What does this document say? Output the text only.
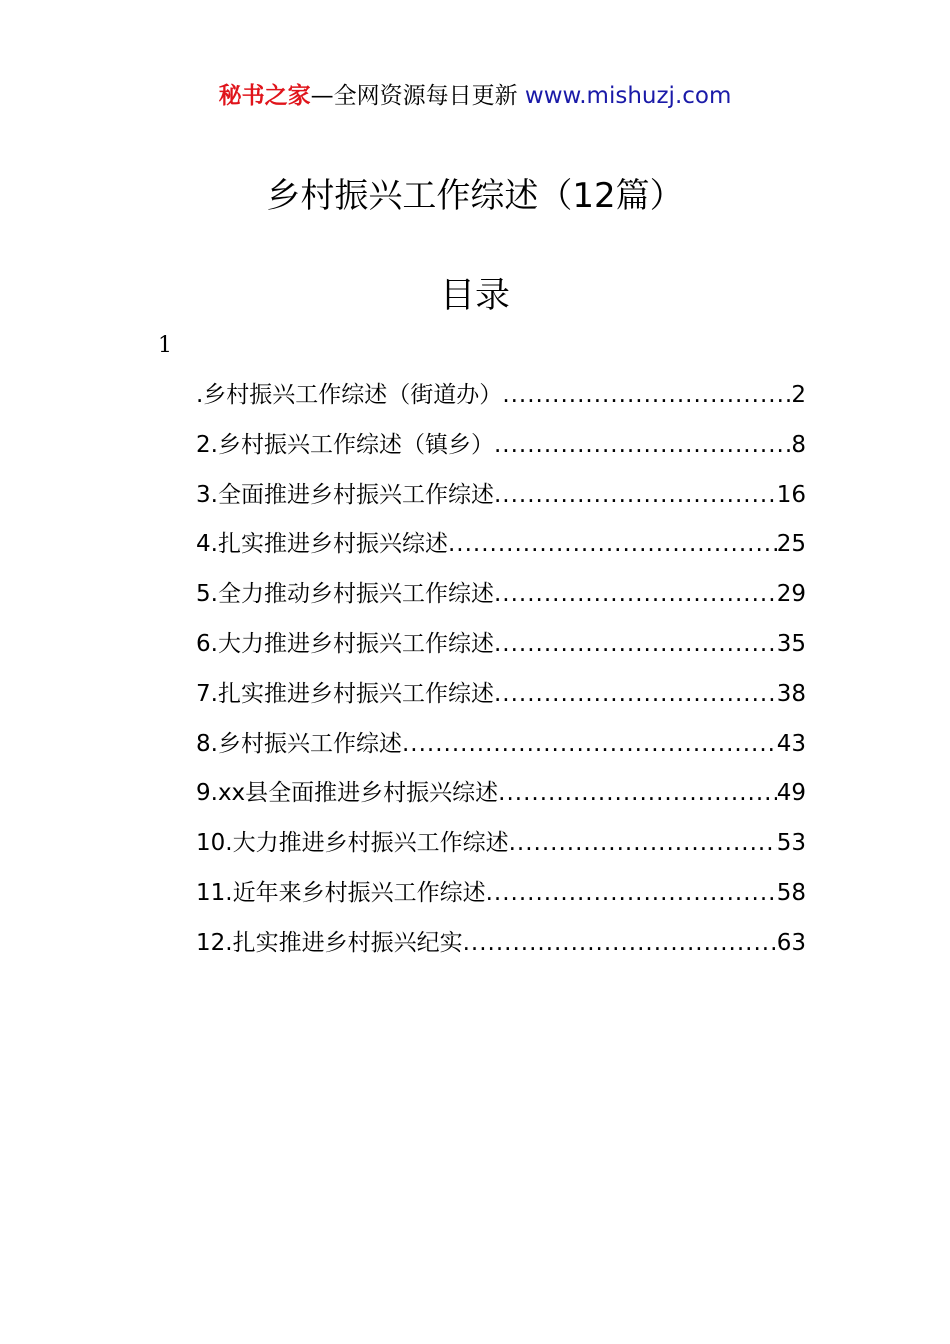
秘书之家—全网资源每日更新 www.mishuzj.com
乡村振兴工作综述（12篇）
目录
1
.乡村振兴工作综述（街道办） .....	2
2.乡村振兴工作综述（镇乡） .....	8
3.全面推进乡村振兴工作综述 .....	16
4.扎实推进乡村振兴综述 .....	25
5.全力推动乡村振兴工作综述 .....	29
6.大力推进乡村振兴工作综述 .....	35
7.扎实推进乡村振兴工作综述 .....	38
8.乡村振兴工作综述 .....	43
9.xx县全面推进乡村振兴综述 .....	49
10.大力推进乡村振兴工作综述 .....	53
11.近年来乡村振兴工作综述 .....	58
12.扎实推进乡村振兴纪实 .....	63
